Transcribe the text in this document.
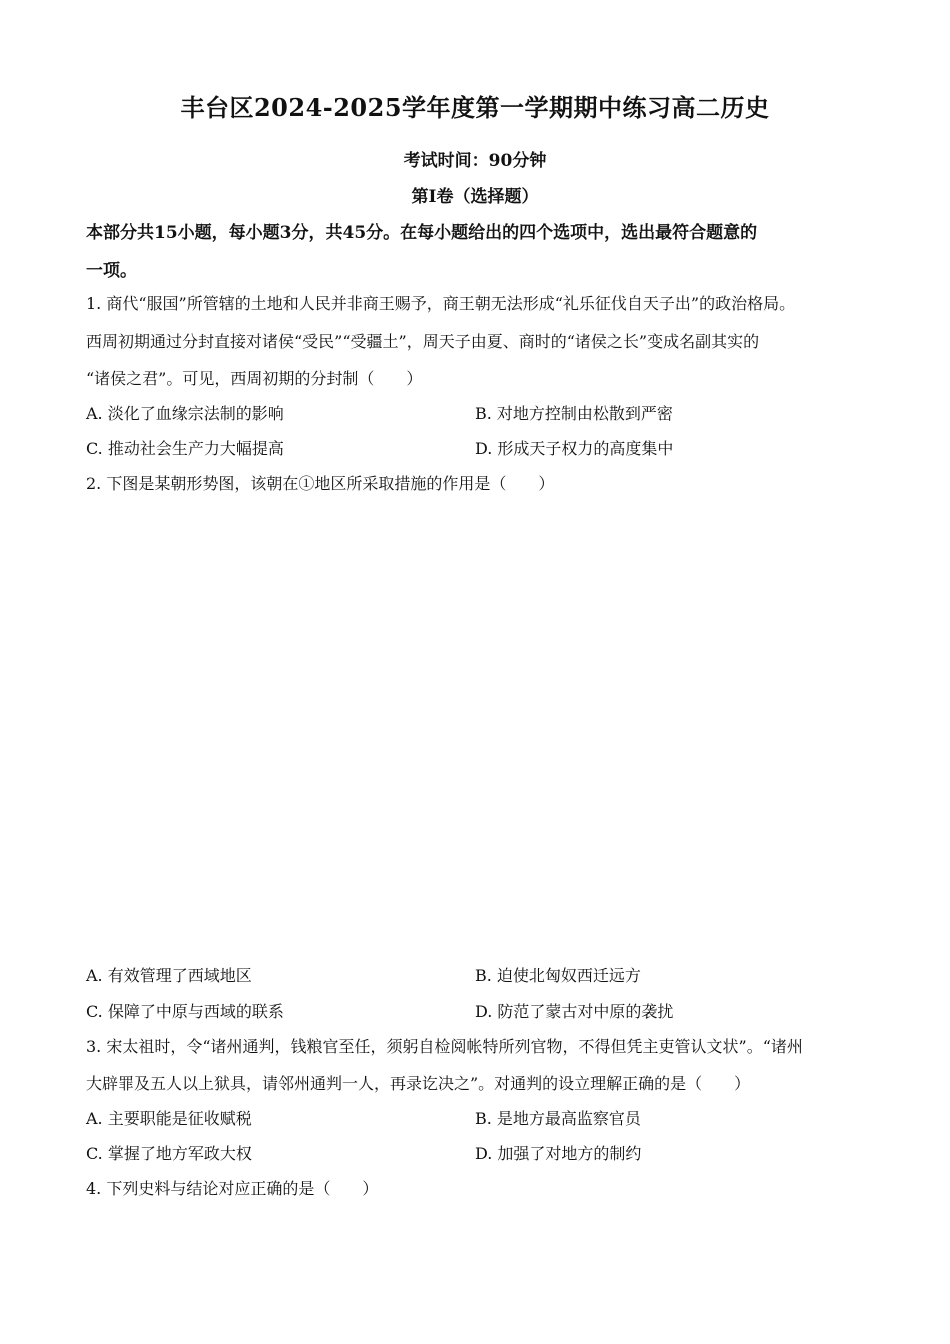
丰台区2024-2025学年度第一学期期中练习高二历史
考试时间：90分钟
第I卷（选择题）
本部分共15小题，每小题3分，共45分。在每小题给出的四个选项中，选出最符合题意的
一项。
1. 商代“服国”所管辖的土地和人民并非商王赐予，商王朝无法形成“礼乐征伐自天子出”的政治格局。
西周初期通过分封直接对诸侯“受民”“受疆土”，周天子由夏、商时的“诸侯之长”变成名副其实的
“诸侯之君”。可见，西周初期的分封制（　　）
A. 淡化了血缘宗法制的影响	B. 对地方控制由松散到严密
C. 推动社会生产力大幅提高	D. 形成天子权力的高度集中
2. 下图是某朝形势图，该朝在①地区所采取措施的作用是（　　）
A. 有效管理了西域地区	B. 迫使北匈奴西迁远方
C. 保障了中原与西域的联系	D. 防范了蒙古对中原的袭扰
3. 宋太祖时，令“诸州通判，钱粮官至任，须躬自检阅帐特所列官物，不得但凭主吏管认文状”。“诸州
大辟罪及五人以上狱具，请邻州通判一人，再录讫决之”。对通判的设立理解正确的是（　　）
A. 主要职能是征收赋税	B. 是地方最高监察官员
C. 掌握了地方军政大权	D. 加强了对地方的制约
4. 下列史料与结论对应正确的是（　　）
